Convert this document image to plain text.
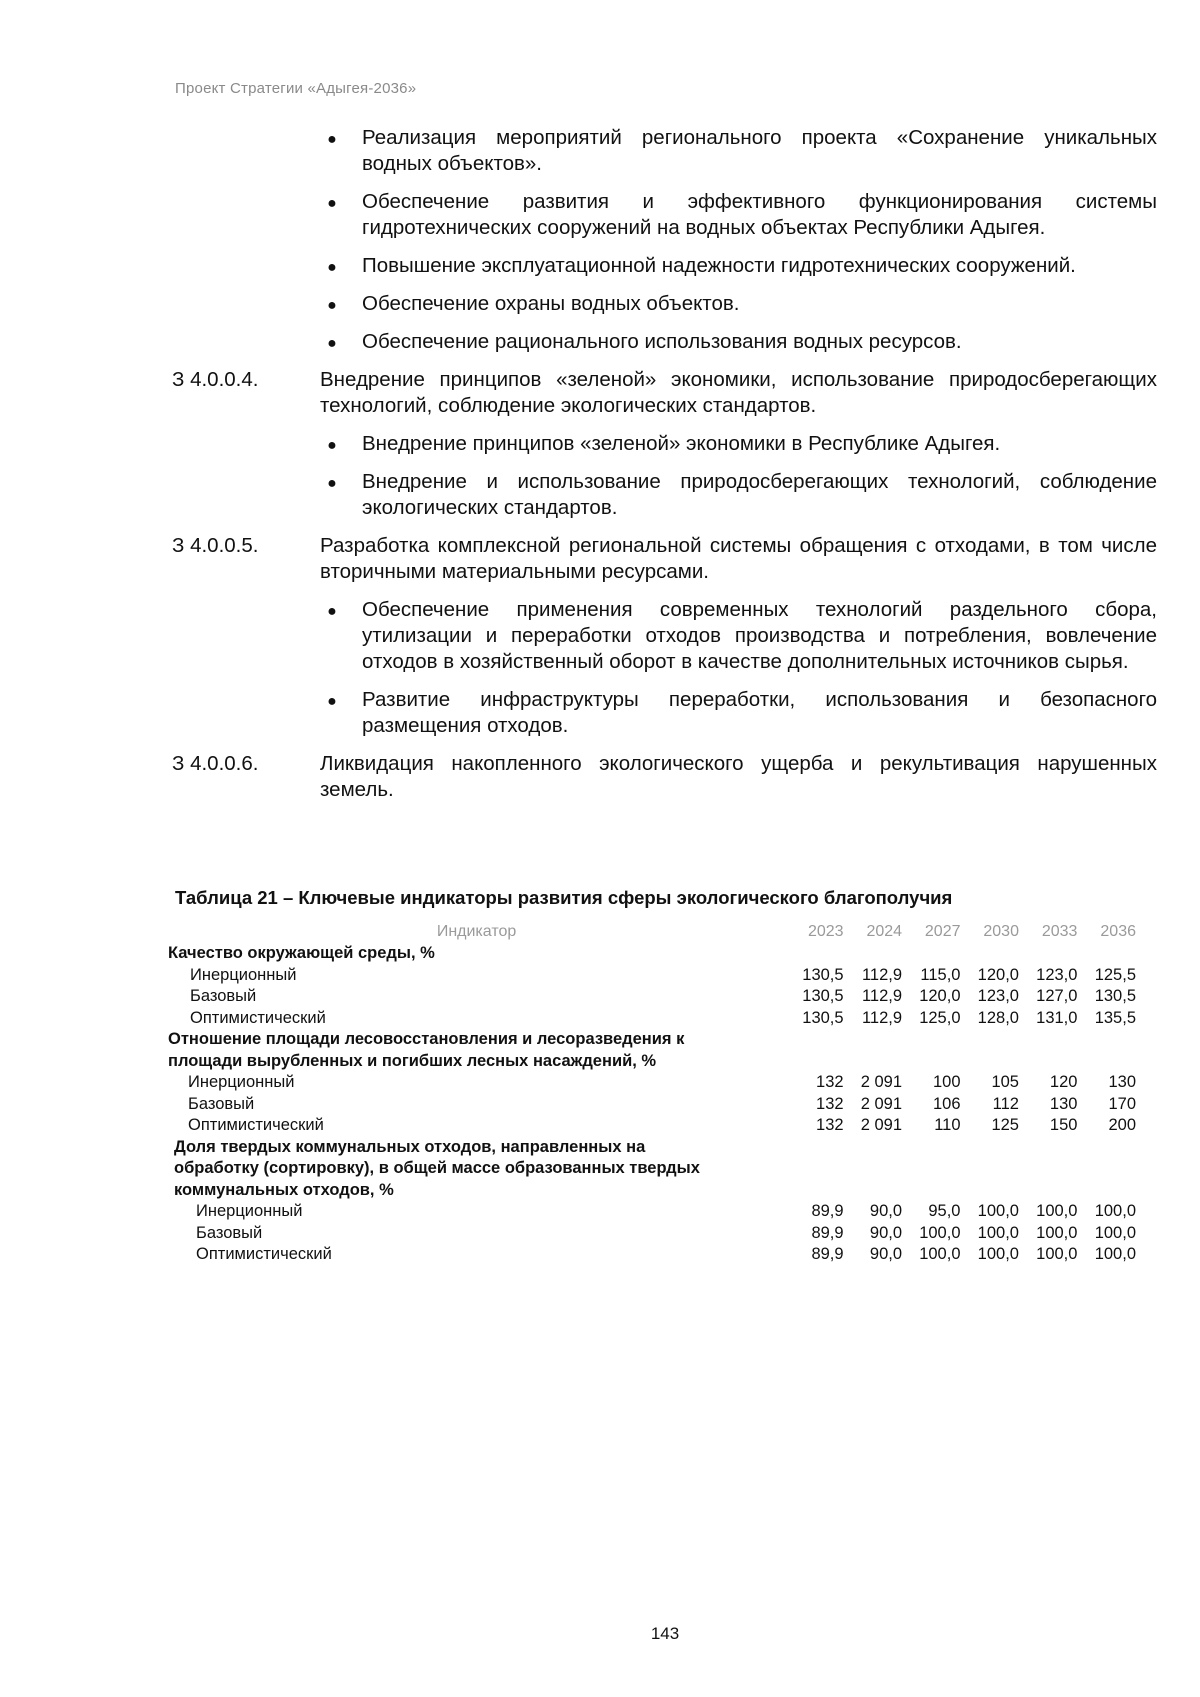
Проект Стратегии «Адыгея-2036»
● Реализация мероприятий регионального проекта «Сохранение уникальных водных объектов».
● Обеспечение развития и эффективного функционирования системы гидротехнических сооружений на водных объектах Республики Адыгея.
● Повышение эксплуатационной надежности гидротехнических сооружений.
● Обеспечение охраны водных объектов.
● Обеспечение рационального использования водных ресурсов.
З 4.0.0.4.	Внедрение принципов «зеленой» экономики, использование природосберегающих технологий, соблюдение экологических стандартов.
● Внедрение принципов «зеленой» экономики в Республике Адыгея.
● Внедрение и использование природосберегающих технологий, соблюдение экологических стандартов.
З 4.0.0.5.	Разработка комплексной региональной системы обращения с отходами, в том числе вторичными материальными ресурсами.
● Обеспечение применения современных технологий раздельного сбора, утилизации и переработки отходов производства и потребления, вовлечение отходов в хозяйственный оборот в качестве дополнительных источников сырья.
● Развитие инфраструктуры переработки, использования и безопасного размещения отходов.
З 4.0.0.6.	Ликвидация накопленного экологического ущерба и рекультивация нарушенных земель.
Таблица 21 – Ключевые индикаторы развития сферы экологического благополучия
Индикатор	2023	2024	2027	2030	2033	2036
Качество окружающей среды, %						
Инерционный	130,5	112,9	115,0	120,0	123,0	125,5
Базовый	130,5	112,9	120,0	123,0	127,0	130,5
Оптимистический	130,5	112,9	125,0	128,0	131,0	135,5
Отношение площади лесовосстановления и лесоразведения к						
площади вырубленных и погибших лесных насаждений, %						
Инерционный	132	2 091	100	105	120	130
Базовый	132	2 091	106	112	130	170
Оптимистический	132	2 091	110	125	150	200
Доля твердых коммунальных отходов, направленных на						
обработку (сортировку), в общей массе образованных твердых						
коммунальных отходов, %						
Инерционный	89,9	90,0	95,0	100,0	100,0	100,0
Базовый	89,9	90,0	100,0	100,0	100,0	100,0
Оптимистический	89,9	90,0	100,0	100,0	100,0	100,0
143
